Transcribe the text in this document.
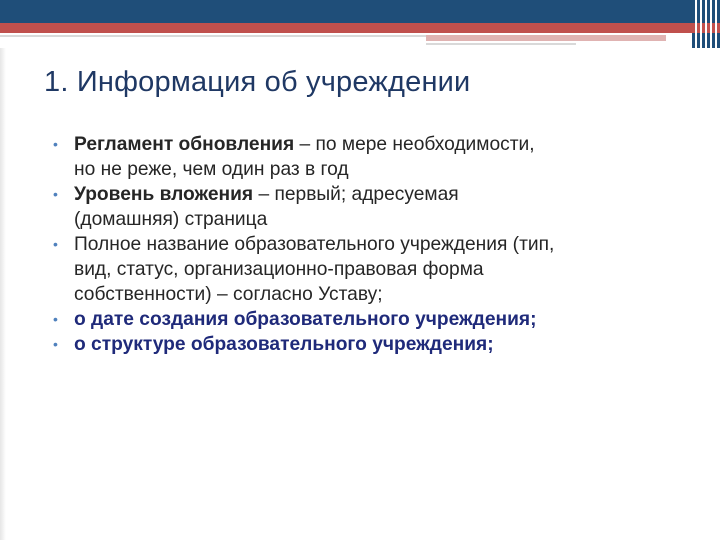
1. Информация об учреждении
• Регламент обновления – по мере необходимости,
но не реже, чем один раз в год
• Уровень вложения – первый; адресуемая
(домашняя) страница
• Полное название образовательного учреждения (тип,
вид, статус, организационно-правовая форма
собственности) – согласно Уставу;
• о дате создания образовательного учреждения;
• о структуре образовательного учреждения;
